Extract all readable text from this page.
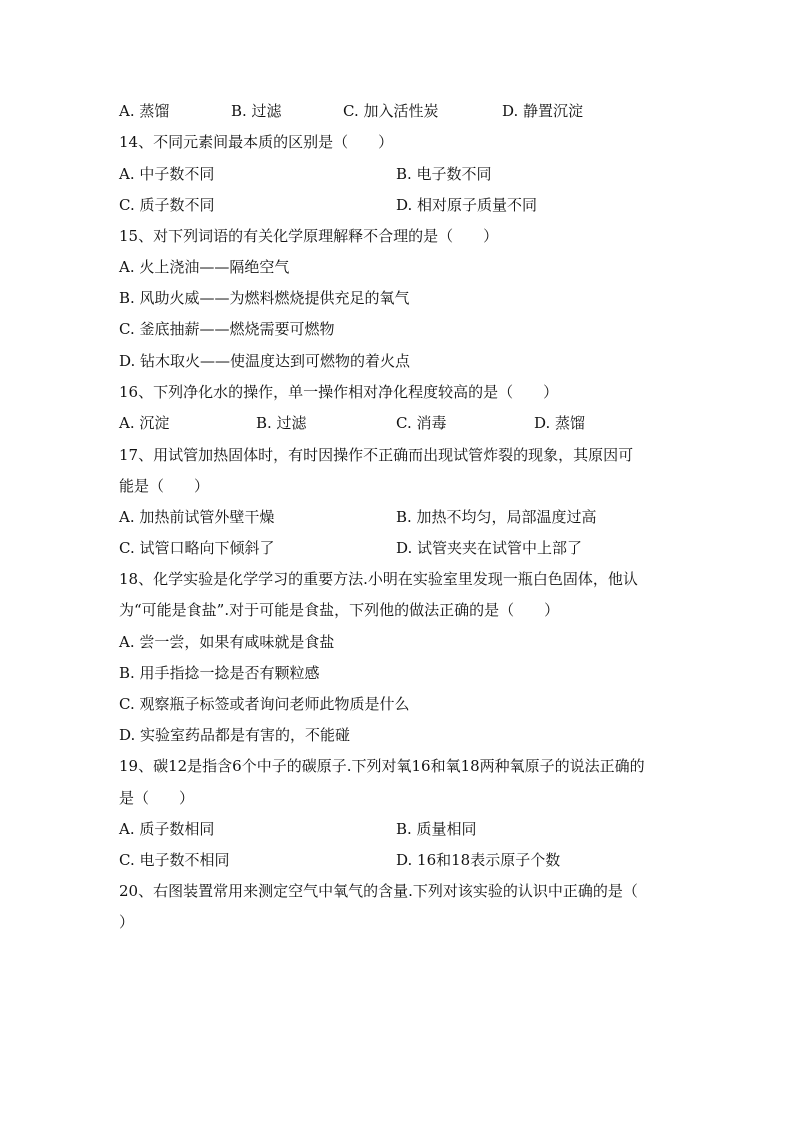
A. 蒸馏	B. 过滤	C. 加入活性炭	D. 静置沉淀
14、不同元素间最本质的区别是（　　）
A. 中子数不同	B. 电子数不同
C. 质子数不同	D. 相对原子质量不同
15、对下列词语的有关化学原理解释不合理的是（　　）
A. 火上浇油——隔绝空气
B. 风助火威——为燃料燃烧提供充足的氧气
C. 釜底抽薪——燃烧需要可燃物
D. 钻木取火——使温度达到可燃物的着火点
16、下列净化水的操作，单一操作相对净化程度较高的是（　　）
A. 沉淀	B. 过滤	C. 消毒	D. 蒸馏
17、用试管加热固体时，有时因操作不正确而出现试管炸裂的现象，其原因可
能是（　　）
A. 加热前试管外壁干燥	B. 加热不均匀，局部温度过高
C. 试管口略向下倾斜了	D. 试管夹夹在试管中上部了
18、化学实验是化学学习的重要方法.小明在实验室里发现一瓶白色固体，他认
为“可能是食盐”.对于可能是食盐，下列他的做法正确的是（　　）
A. 尝一尝，如果有咸味就是食盐
B. 用手指捻一捻是否有颗粒感
C. 观察瓶子标签或者询问老师此物质是什么
D. 实验室药品都是有害的，不能碰
19、碳12是指含6个中子的碳原子.下列对氧16和氧18两种氧原子的说法正确的
是（　　）
A. 质子数相同	B. 质量相同
C. 电子数不相同	D. 16和18表示原子个数
20、右图装置常用来测定空气中氧气的含量.下列对该实验的认识中正确的是（
）
